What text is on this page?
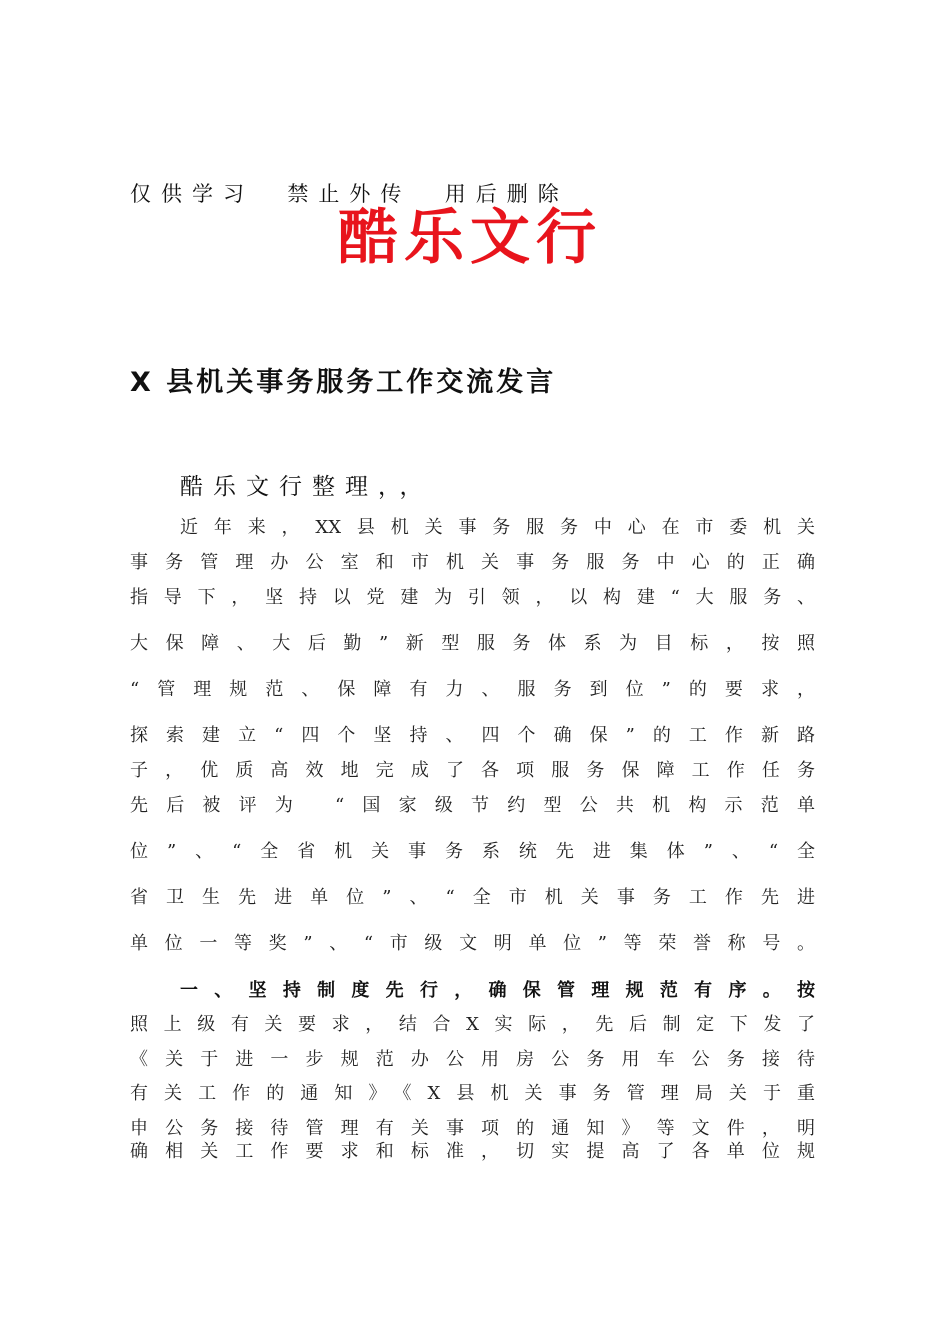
仅供学习  禁止外传  用后删除
酷乐文行
X 县机关事务服务工作交流发言
酷乐文行整理，，
近年来，XX县机关事务服务中心在市委机关
事务管理办公室和市机关事务服务中心的正确
指导下，坚持以党建为引领，以构建“大服务、
大保障、大后勤”新型服务体系为目标，按照
“管理规范、保障有力、服务到位”的要求，
探索建立“四个坚持、四个确保”的工作新路
子，优质高效地完成了各项服务保障工作任务
先后被评为 “国家级节约型公共机构示范单
位”、“全省机关事务系统先进集体”、“全
省卫生先进单位”、“全市机关事务工作先进
单位一等奖”、“市级文明单位”等荣誉称号。
一、坚持制度先行，确保管理规范有序。按
照上级有关要求，结合X实际，先后制定下发了
《关于进一步规范办公用房公务用车公务接待
有关工作的通知》《X县机关事务管理局关于重
申公务接待管理有关事项的通知》等文件，明
确相关工作要求和标准，切实提高了各单位规
